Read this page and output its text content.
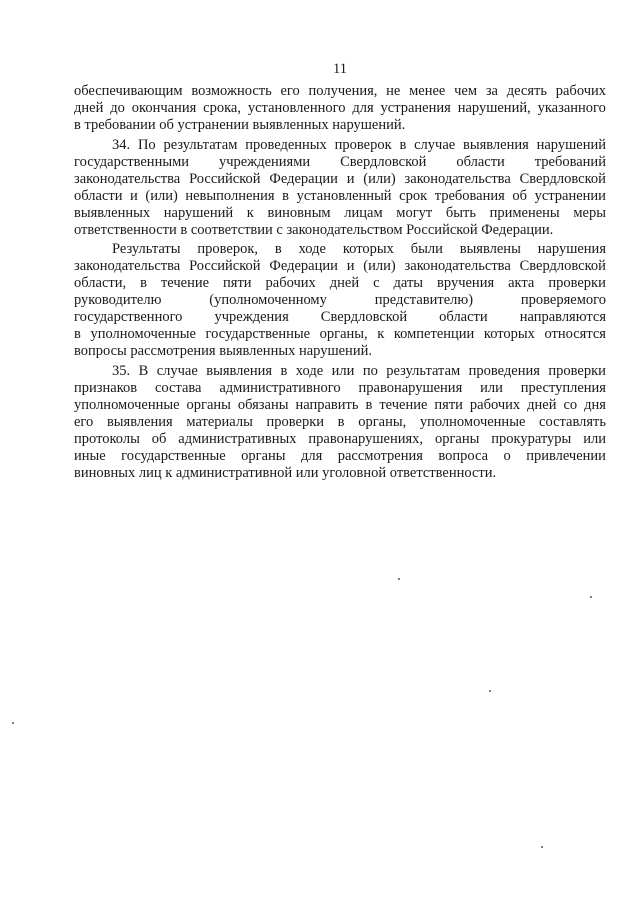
11
обеспечивающим возможность его получения, не менее чем за десять рабочих
дней до окончания срока, установленного для устранения нарушений, указанного
в требовании об устранении выявленных нарушений.
34. По результатам проведенных проверок в случае выявления нарушений
государственными учреждениями Свердловской области требований
законодательства Российской Федерации и (или) законодательства Свердловской
области и (или) невыполнения в установленный срок требования об устранении
выявленных нарушений к виновным лицам могут быть применены меры
ответственности в соответствии с законодательством Российской Федерации.
Результаты проверок, в ходе которых были выявлены нарушения
законодательства Российской Федерации и (или) законодательства Свердловской
области, в течение пяти рабочих дней с даты вручения акта проверки
руководителю	(уполномоченному	представителю)	проверяемого
государственного учреждения Свердловской области направляются
в уполномоченные государственные органы, к компетенции которых относятся
вопросы рассмотрения выявленных нарушений.
35. В случае выявления в ходе или по результатам проведения проверки
признаков состава административного правонарушения или преступления
уполномоченные органы обязаны направить в течение пяти рабочих дней со дня
его выявления материалы проверки в органы, уполномоченные составлять
протоколы об административных правонарушениях, органы прокуратуры или
иные государственные органы для рассмотрения вопроса о привлечении
виновных лиц к административной или уголовной ответственности.
